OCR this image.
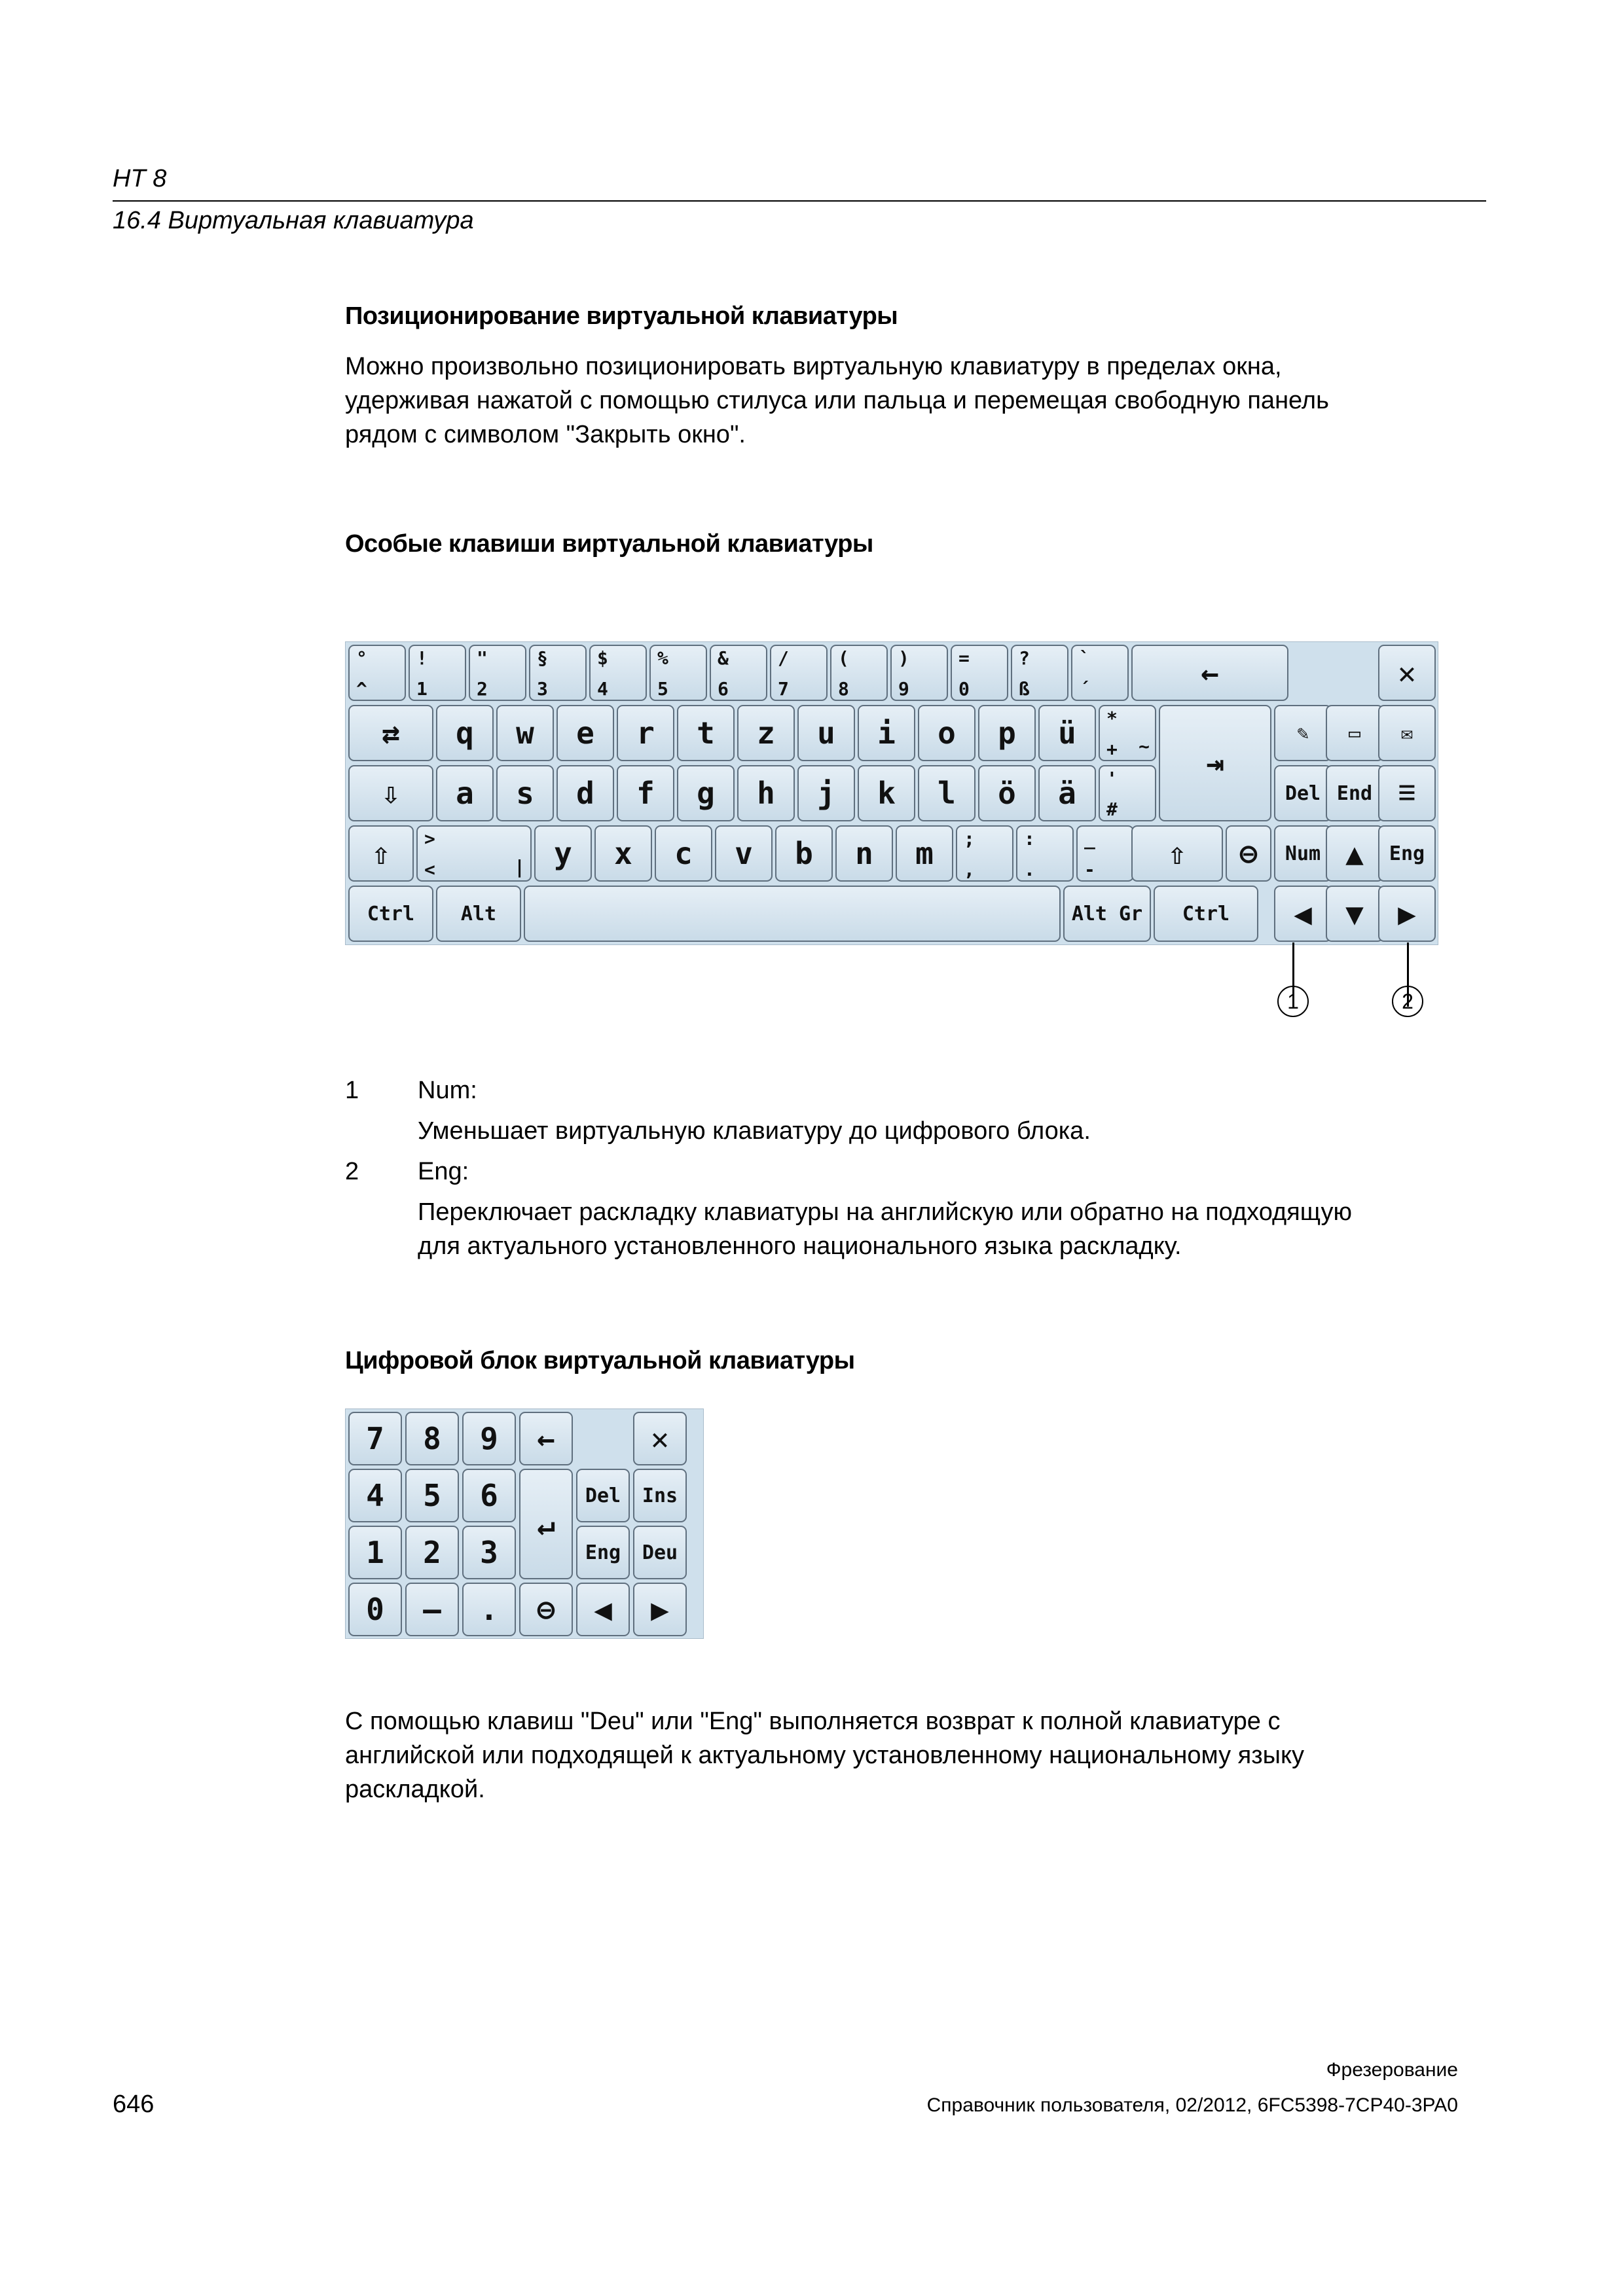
HT 8
16.4 Виртуальная клавиатура
Позиционирование виртуальной клавиатуры
Можно произвольно позиционировать виртуальную клавиатуру в пределах окна,
удерживая нажатой с помощью стилуса или пальца и перемещая свободную панель
рядом с символом "Закрыть окно".
Особые клавиши виртуальной клавиатуры
°
^
!
1
"
2
§
3
$
4
%
5
&
6
/
7
(
8
)
9
=
0
?
ß
`
´	←	✕
⇄ q w e r t z u i o p ü *
+ ~ ⇥
✎ ▭ ✉
⇩ a s d f g h j k l ö ä '
#
Del End ☰
⇧ >
<	| y x c v b n m ;
,
:
.
_
- ⇧ ⊖ Num ▲ Eng
Ctrl Alt	Alt Gr Ctrl ◀ ▼ ▶
1	2
1 Num:
Уменьшает виртуальную клавиатуру до цифрового блока.
2 Eng:
Переключает раскладку клавиатуры на английскую или обратно на подходящую
для актуального установленного национального языка раскладку.
Цифровой блок виртуальной клавиатуры
7 8 9
4 5 6
1 2 3
0 – .
←
↵
⊖
✕
Del Ins
Eng Deu
◀ ▶
С помощью клавиш "Deu" или "Eng" выполняется возврат к полной клавиатуре с
английской или подходящей к актуальному установленному национальному языку
раскладкой.
Фрезерование
646	Справочник пользователя, 02/2012, 6FC5398-7CP40-3PA0
